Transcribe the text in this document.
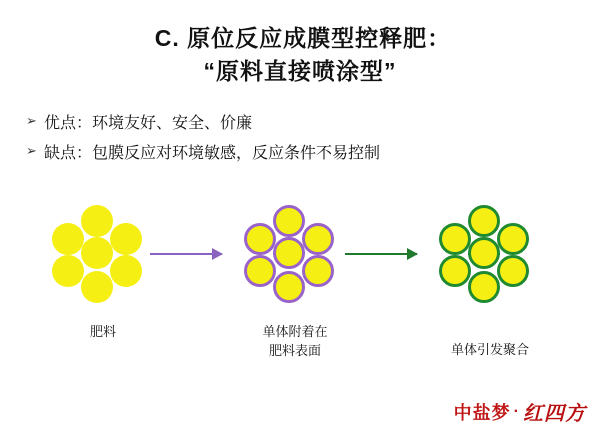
C. 原位反应成膜型控释肥：
“原料直接喷涂型”
➢ 优点：环境友好、安全、价廉
➢ 缺点：包膜反应对环境敏感，反应条件不易控制
肥料	单体附着在
肥料表面	单体引发聚合
中盐梦 · 红四方
